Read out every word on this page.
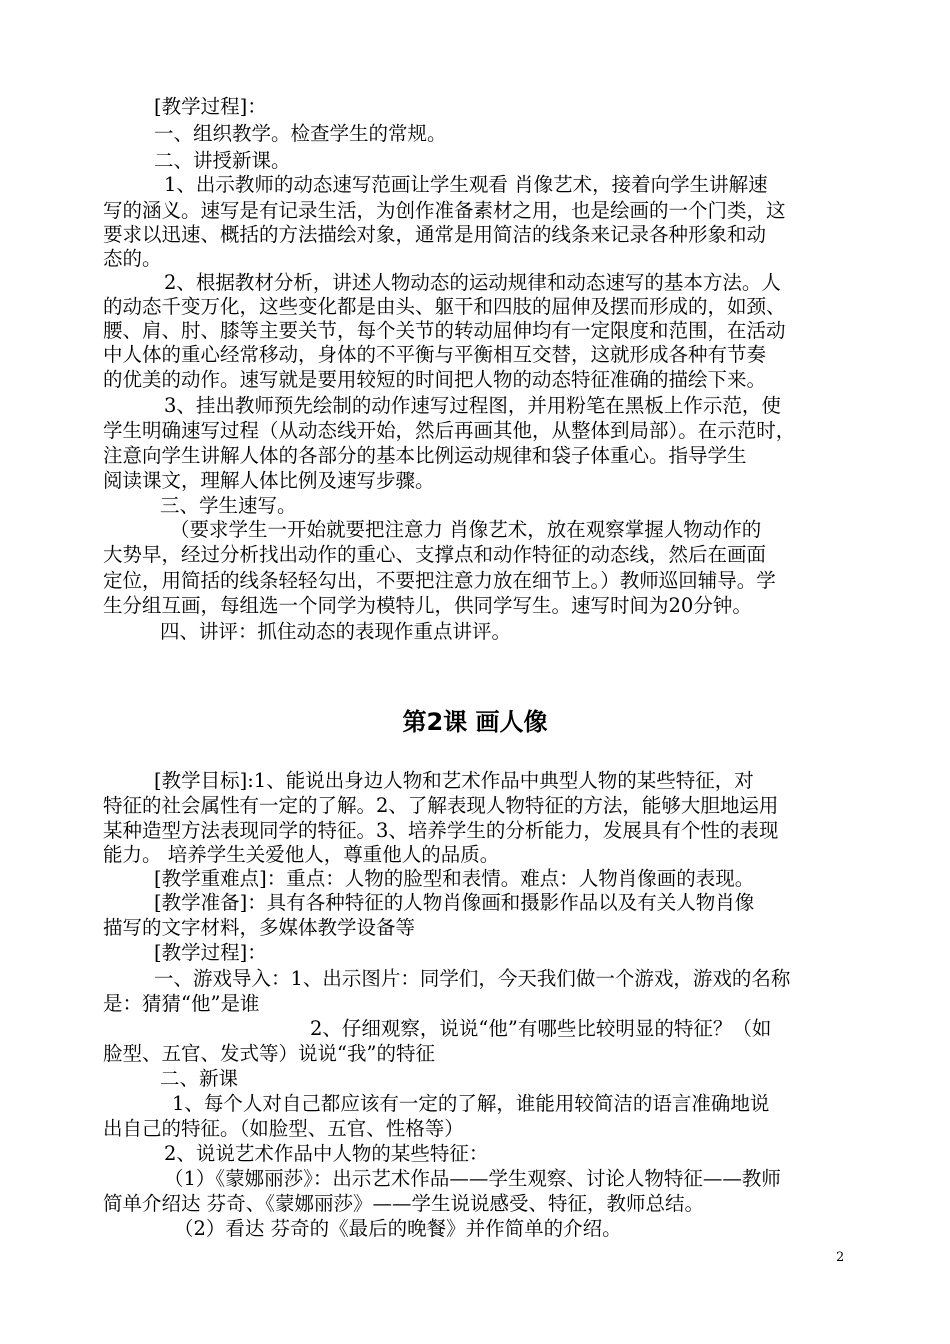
[教学过程]：
一、组织教学。检查学生的常规。
二、讲授新课。
1、出示教师的动态速写范画让学生观看 肖像艺术，接着向学生讲解速
写的涵义。速写是有记录生活，为创作准备素材之用，也是绘画的一个门类，这
要求以迅速、概括的方法描绘对象，通常是用简洁的线条来记录各种形象和动
态的。
2、根据教材分析，讲述人物动态的运动规律和动态速写的基本方法。人
的动态千变万化，这些变化都是由头、躯干和四肢的屈伸及摆而形成的，如颈、
腰、肩、肘、膝等主要关节，每个关节的转动屈伸均有一定限度和范围，在活动
中人体的重心经常移动，身体的不平衡与平衡相互交替，这就形成各种有节奏
的优美的动作。速写就是要用较短的时间把人物的动态特征准确的描绘下来。
3、挂出教师预先绘制的动作速写过程图，并用粉笔在黑板上作示范，使
学生明确速写过程（从动态线开始，然后再画其他，从整体到局部）。在示范时，
注意向学生讲解人体的各部分的基本比例运动规律和袋子体重心。指导学生
阅读课文，理解人体比例及速写步骤。
三、学生速写。
（要求学生一开始就要把注意力 肖像艺术，放在观察掌握人物动作的
大势早，经过分析找出动作的重心、支撑点和动作特征的动态线，然后在画面
定位，用简括的线条轻轻勾出，不要把注意力放在细节上。）教师巡回辅导。学
生分组互画，每组选一个同学为模特儿，供同学写生。速写时间为20分钟。
四、讲评：抓住动态的表现作重点讲评。
第2课 画人像
[教学目标]:1、能说出身边人物和艺术作品中典型人物的某些特征，对
特征的社会属性有一定的了解。2、了解表现人物特征的方法，能够大胆地运用
某种造型方法表现同学的特征。3、培养学生的分析能力，发展具有个性的表现
能力。 培养学生关爱他人，尊重他人的品质。
[教学重难点]：重点：人物的脸型和表情。难点：人物肖像画的表现。
[教学准备]：具有各种特征的人物肖像画和摄影作品以及有关人物肖像
描写的文字材料，多媒体教学设备等
[教学过程]：
一、游戏导入：1、出示图片：同学们，今天我们做一个游戏，游戏的名称
是：猜猜“他”是谁
2、仔细观察，说说“他”有哪些比较明显的特征？（如
脸型、五官、发式等）说说“我”的特征
二、新课
1、每个人对自己都应该有一定的了解，谁能用较简洁的语言准确地说
出自己的特征。（如脸型、五官、性格等）
2、说说艺术作品中人物的某些特征：
（1）《蒙娜丽莎》：出示艺术作品——学生观察、讨论人物特征——教师
简单介绍达 芬奇、《蒙娜丽莎》——学生说说感受、特征，教师总结。
（2）看达 芬奇的《最后的晚餐》并作简单的介绍。
2
